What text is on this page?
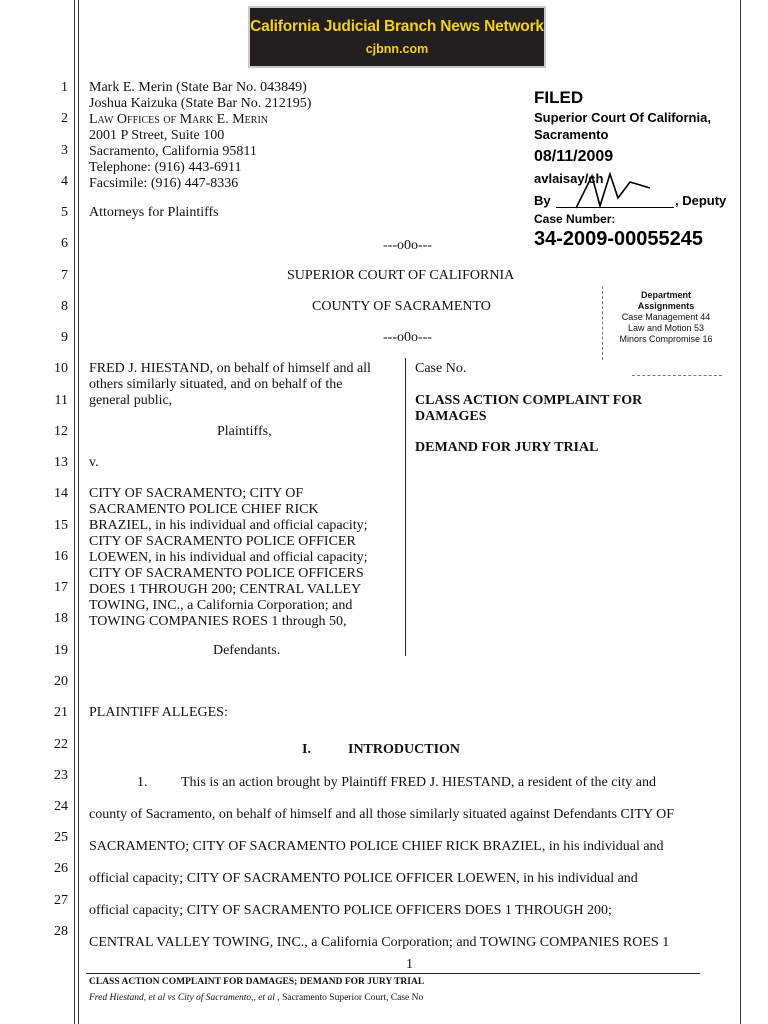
California Judicial Branch News Network
cjbnn.com
1
2
3
4
5
6
7
8
9
10
11
12
13
14
15
16
17
18
19
20
21
22
23
24
25
26
27
28
Mark E. Merin (State Bar No. 043849)
Joshua Kaizuka (State Bar No. 212195)
Law Offices of Mark E. Merin
2001 P Street, Suite 100
Sacramento, California 95811
Telephone: (916) 443-6911
Facsimile: (916) 447-8336
Attorneys for Plaintiffs
FILED
Superior Court Of California,
Sacramento
08/11/2009
avlaisay/ch
By	, Deputy
Case Number:
34-2009-00055245
Department
Assignments
Case Management 44
Law and Motion 53
Minors Compromise 16
---o0o---
SUPERIOR COURT OF CALIFORNIA
COUNTY OF SACRAMENTO
---o0o---
FRED J. HIESTAND, on behalf of himself and all
others similarly situated, and on behalf of the
general public,
Plaintiffs,
v.
CITY OF SACRAMENTO; CITY OF
SACRAMENTO POLICE CHIEF RICK
BRAZIEL, in his individual and official capacity;
CITY OF SACRAMENTO POLICE OFFICER
LOEWEN, in his individual and official capacity;
CITY OF SACRAMENTO POLICE OFFICERS
DOES 1 THROUGH 200; CENTRAL VALLEY
TOWING, INC., a California Corporation; and
TOWING COMPANIES ROES 1 through 50,
Defendants.
Case No.
CLASS ACTION COMPLAINT FOR
DAMAGES
DEMAND FOR JURY TRIAL
PLAINTIFF ALLEGES:
I.	INTRODUCTION
1. This is an action brought by Plaintiff FRED J. HIESTAND, a resident of the city and
county of Sacramento, on behalf of himself and all those similarly situated against Defendants CITY OF
SACRAMENTO; CITY OF SACRAMENTO POLICE CHIEF RICK BRAZIEL, in his individual and
official capacity; CITY OF SACRAMENTO POLICE OFFICER LOEWEN, in his individual and
official capacity; CITY OF SACRAMENTO POLICE OFFICERS DOES 1 THROUGH 200;
CENTRAL VALLEY TOWING, INC., a California Corporation; and TOWING COMPANIES ROES 1
1
CLASS ACTION COMPLAINT FOR DAMAGES; DEMAND FOR JURY TRIAL
Fred Hiestand, et al vs City of Sacramento,, et al , Sacramento Superior Court, Case No
